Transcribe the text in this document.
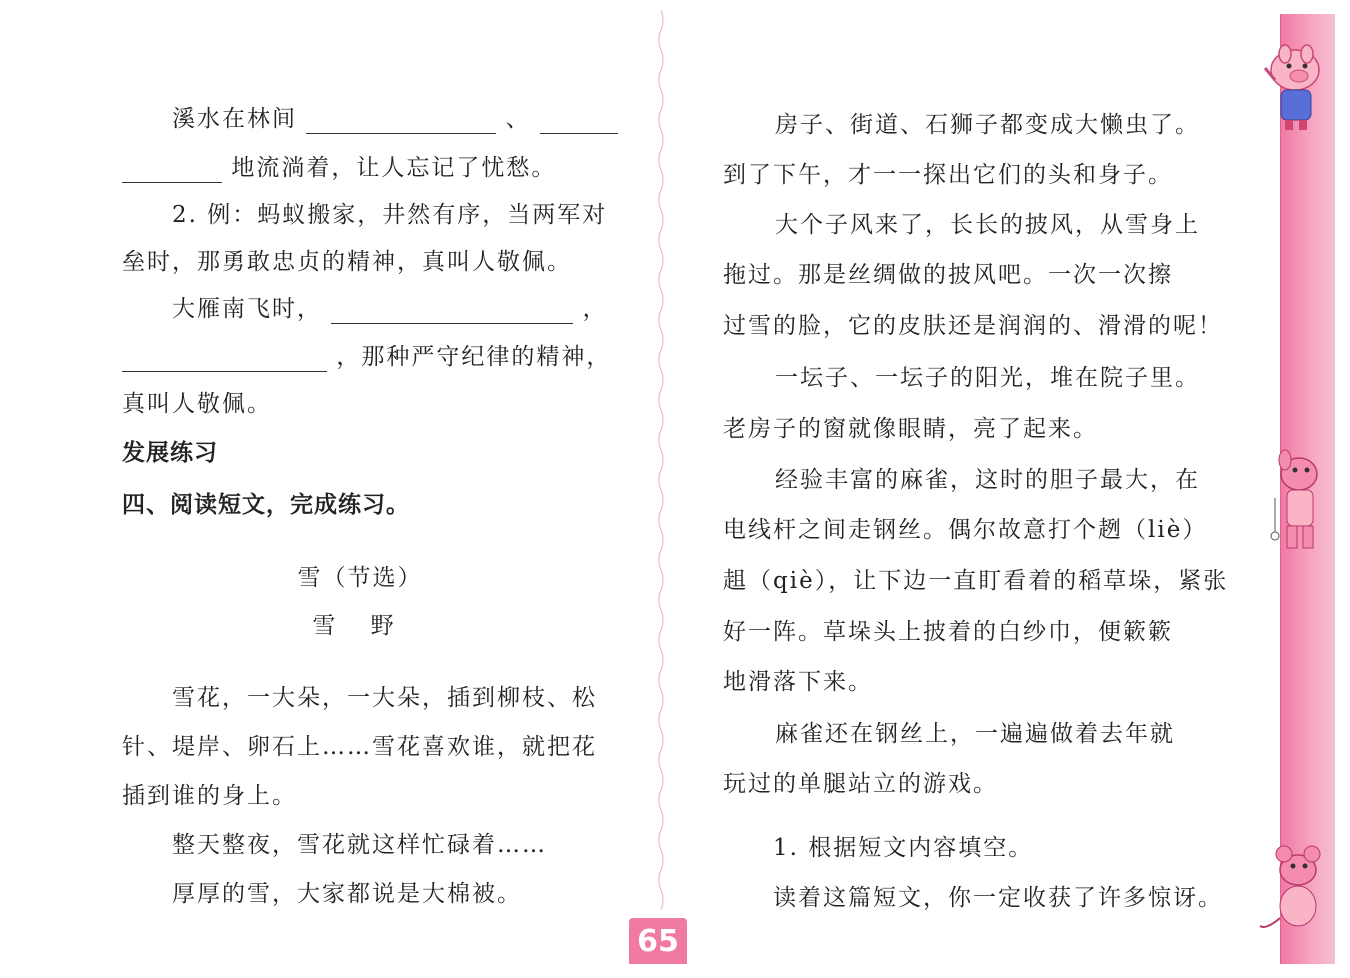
溪水在林间	、
地流淌着，让人忘记了忧愁。
2. 例：蚂蚁搬家，井然有序，当两军对
垒时，那勇敢忠贞的精神，真叫人敬佩。
大雁南飞时，	，
，那种严守纪律的精神，
真叫人敬佩。
发展练习
四、阅读短文，完成练习。
雪（节选）
雪 野
雪花，一大朵，一大朵，插到柳枝、松
针、堤岸、卵石上……雪花喜欢谁，就把花
插到谁的身上。
整天整夜，雪花就这样忙碌着……
厚厚的雪，大家都说是大棉被。
房子、街道、石狮子都变成大懒虫了。
到了下午，才一一探出它们的头和身子。
大个子风来了，长长的披风，从雪身上
拖过。那是丝绸做的披风吧。一次一次擦
过雪的脸，它的皮肤还是润润的、滑滑的呢！
一坛子、一坛子的阳光，堆在院子里。
老房子的窗就像眼睛，亮了起来。
经验丰富的麻雀，这时的胆子最大，在
电线杆之间走钢丝。偶尔故意打个趔（liè）
趄（qiè），让下边一直盯看着的稻草垛，紧张
好一阵。草垛头上披着的白纱巾，便簌簌
地滑落下来。
麻雀还在钢丝上，一遍遍做着去年就
玩过的单腿站立的游戏。
1. 根据短文内容填空。
读着这篇短文，你一定收获了许多惊讶。
65
